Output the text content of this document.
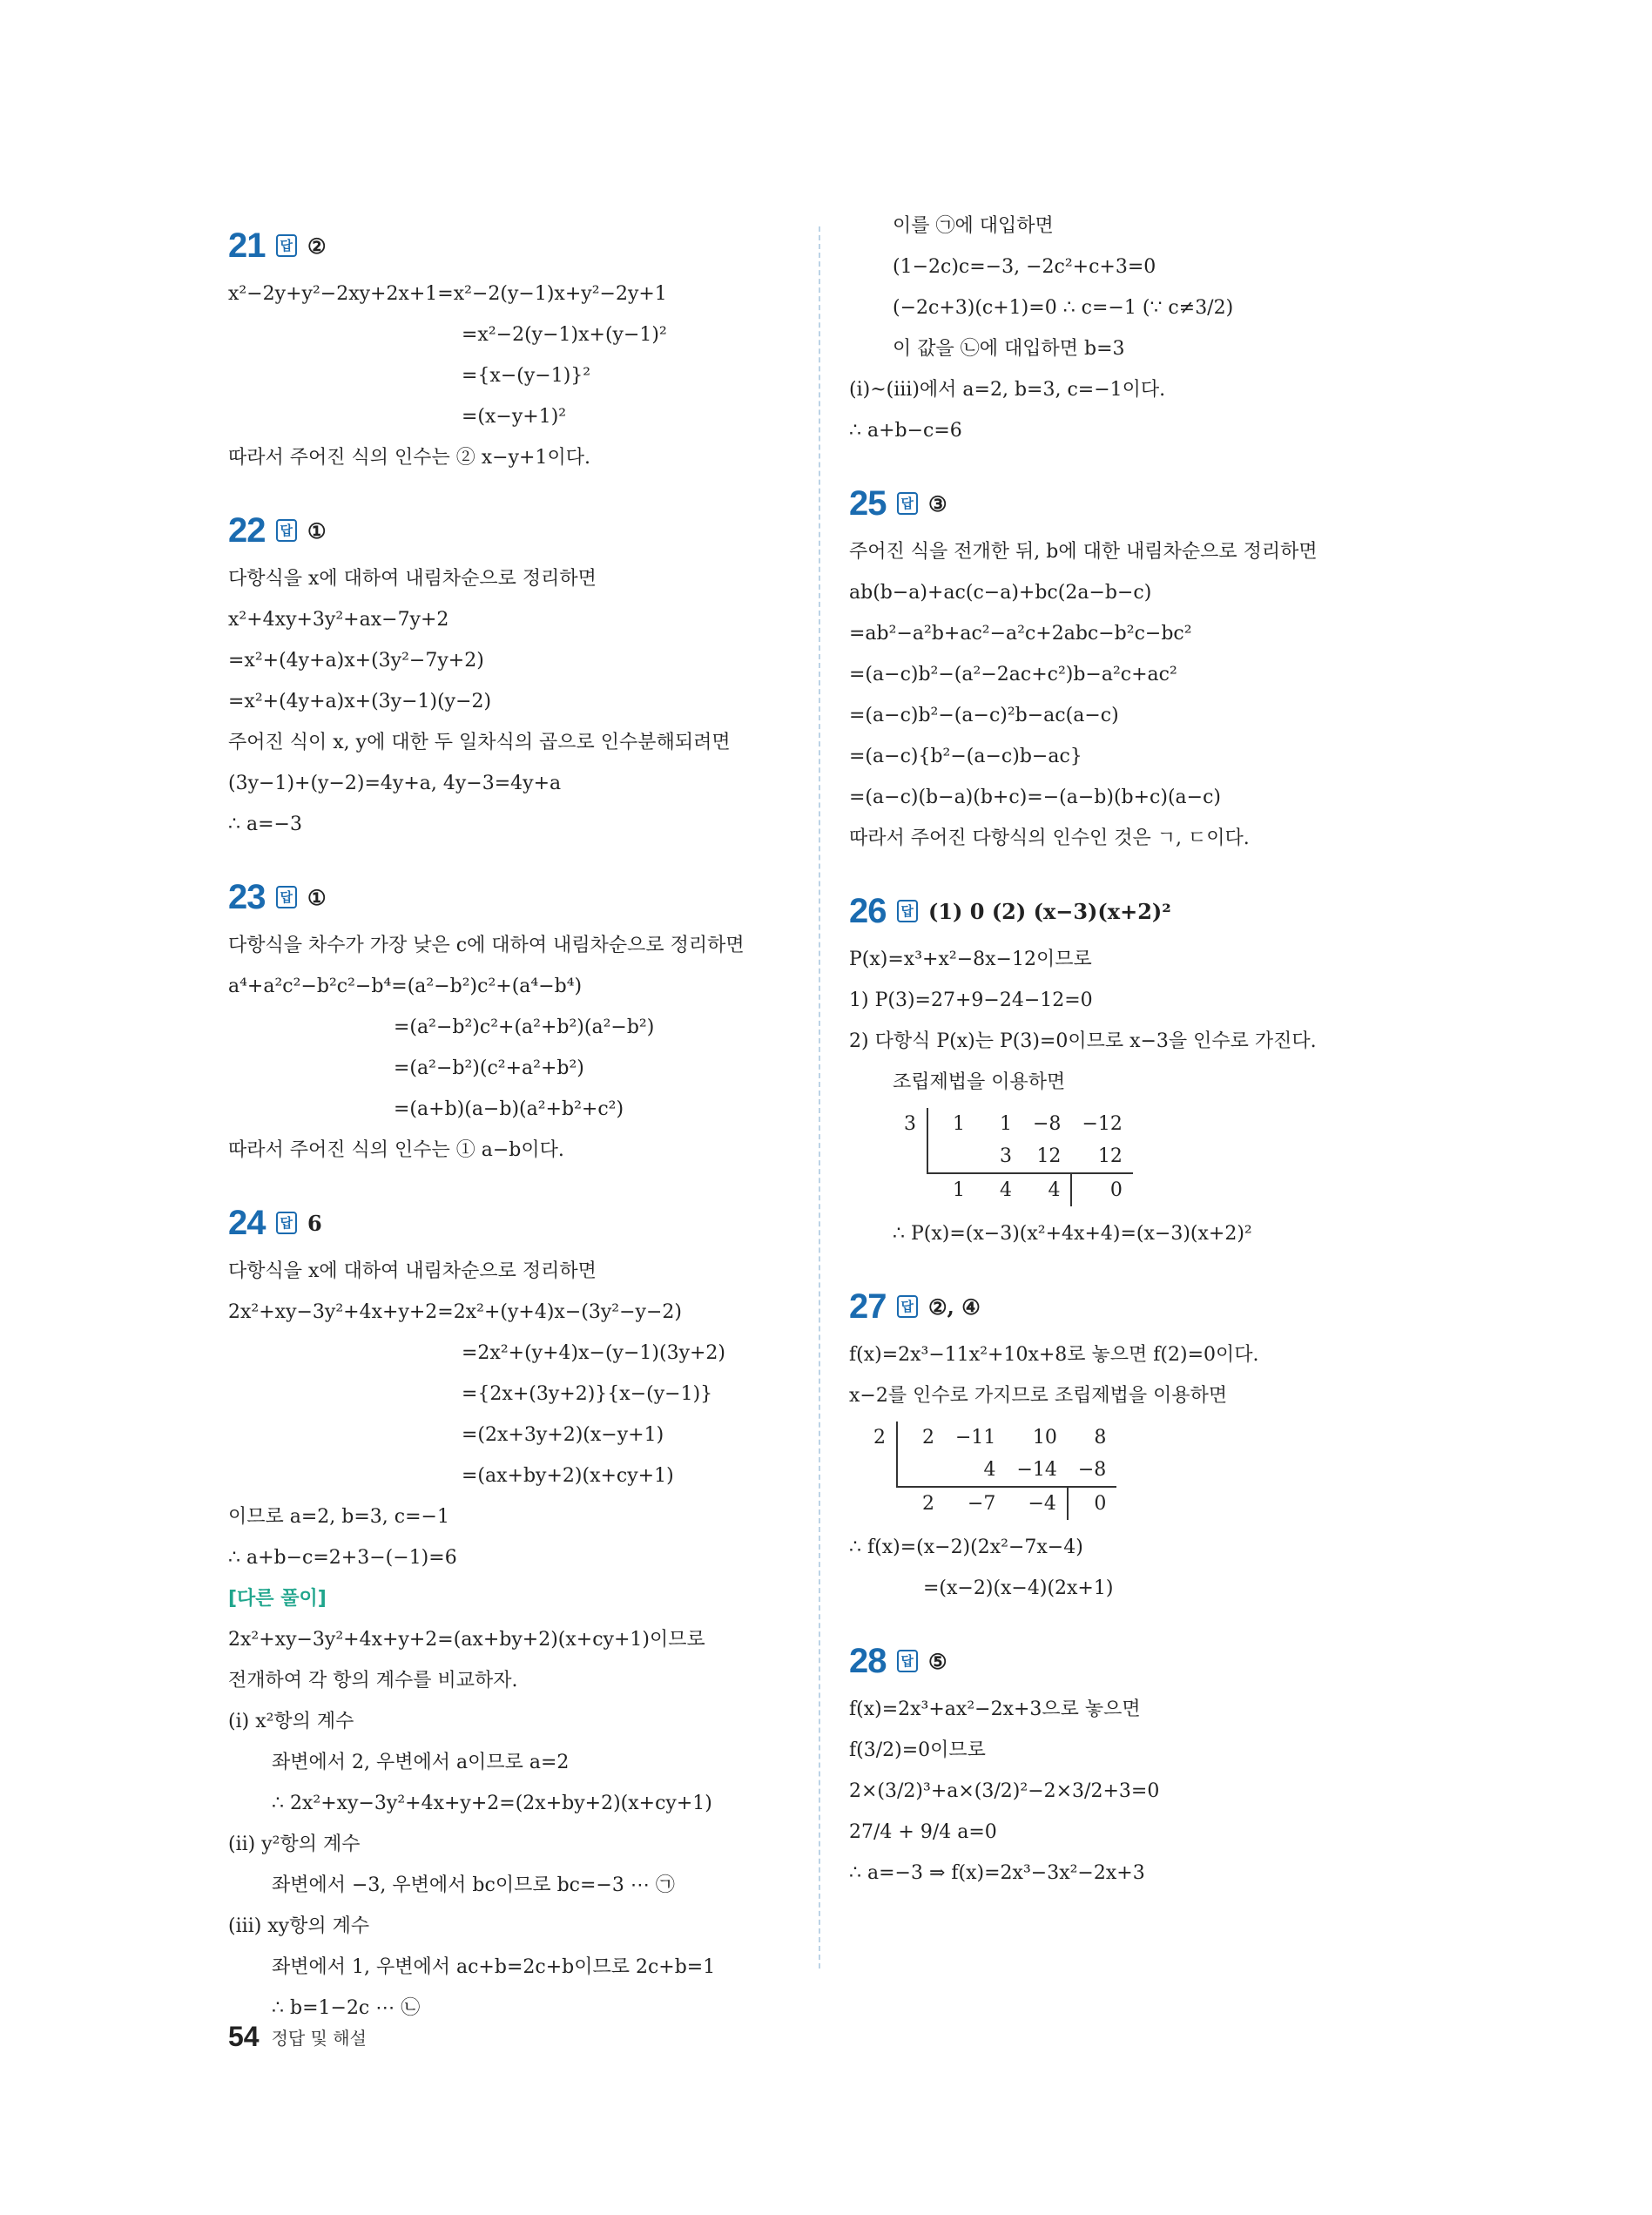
21	답 ②
x²−2y+y²−2xy+2x+1=x²−2(y−1)x+y²−2y+1
=x²−2(y−1)x+(y−1)²
={x−(y−1)}²
=(x−y+1)²
따라서 주어진 식의 인수는 ② x−y+1이다.
22	답 ①
다항식을 x에 대하여 내림차순으로 정리하면
x²+4xy+3y²+ax−7y+2
=x²+(4y+a)x+(3y²−7y+2)
=x²+(4y+a)x+(3y−1)(y−2)
주어진 식이 x, y에 대한 두 일차식의 곱으로 인수분해되려면
(3y−1)+(y−2)=4y+a, 4y−3=4y+a
∴ a=−3
23	답 ①
다항식을 차수가 가장 낮은 c에 대하여 내림차순으로 정리하면
a⁴+a²c²−b²c²−b⁴=(a²−b²)c²+(a⁴−b⁴)
=(a²−b²)c²+(a²+b²)(a²−b²)
=(a²−b²)(c²+a²+b²)
=(a+b)(a−b)(a²+b²+c²)
따라서 주어진 식의 인수는 ① a−b이다.
24	답 6
다항식을 x에 대하여 내림차순으로 정리하면
2x²+xy−3y²+4x+y+2=2x²+(y+4)x−(3y²−y−2)
=2x²+(y+4)x−(y−1)(3y+2)
={2x+(3y+2)}{x−(y−1)}
=(2x+3y+2)(x−y+1)
=(ax+by+2)(x+cy+1)
이므로 a=2, b=3, c=−1
∴ a+b−c=2+3−(−1)=6
[다른 풀이]
2x²+xy−3y²+4x+y+2=(ax+by+2)(x+cy+1)이므로
전개하여 각 항의 계수를 비교하자.
(ⅰ) x²항의 계수
좌변에서 2, 우변에서 a이므로 a=2
∴ 2x²+xy−3y²+4x+y+2=(2x+by+2)(x+cy+1)
(ⅱ) y²항의 계수
좌변에서 −3, 우변에서 bc이므로 bc=−3 ⋯ ㉠
(ⅲ) xy항의 계수
좌변에서 1, 우변에서 ac+b=2c+b이므로 2c+b=1
∴ b=1−2c ⋯ ㉡
이를 ㉠에 대입하면
(1−2c)c=−3, −2c²+c+3=0
(−2c+3)(c+1)=0 ∴ c=−1 (∵ c≠3/2)
이 값을 ㉡에 대입하면 b=3
(ⅰ)~(ⅲ)에서 a=2, b=3, c=−1이다.
∴ a+b−c=6
25	답 ③
주어진 식을 전개한 뒤, b에 대한 내림차순으로 정리하면
ab(b−a)+ac(c−a)+bc(2a−b−c)
=ab²−a²b+ac²−a²c+2abc−b²c−bc²
=(a−c)b²−(a²−2ac+c²)b−a²c+ac²
=(a−c)b²−(a−c)²b−ac(a−c)
=(a−c){b²−(a−c)b−ac}
=(a−c)(b−a)(b+c)=−(a−b)(b+c)(a−c)
따라서 주어진 다항식의 인수인 것은 ㄱ, ㄷ이다.
26	답 (1) 0 (2) (x−3)(x+2)²
P(x)=x³+x²−8x−12이므로
1) P(3)=27+9−24−12=0
2) 다항식 P(x)는 P(3)=0이므로 x−3을 인수로 가진다.
조립제법을 이용하면
3	1	1	−8	−12
		3	12	12
	1	4	4	0
∴ P(x)=(x−3)(x²+4x+4)=(x−3)(x+2)²
27	답 ②, ④
f(x)=2x³−11x²+10x+8로 놓으면 f(2)=0이다.
x−2를 인수로 가지므로 조립제법을 이용하면
2	2	−11	10	8
		4	−14	−8
	2	−7	−4	0
∴ f(x)=(x−2)(2x²−7x−4)
=(x−2)(x−4)(2x+1)
28	답 ⑤
f(x)=2x³+ax²−2x+3으로 놓으면
f(3/2)=0이므로
2×(3/2)³+a×(3/2)²−2×3/2+3=0
27/4 + 9/4 a=0
∴ a=−3 ⇒ f(x)=2x³−3x²−2x+3
54 정답 및 해설
